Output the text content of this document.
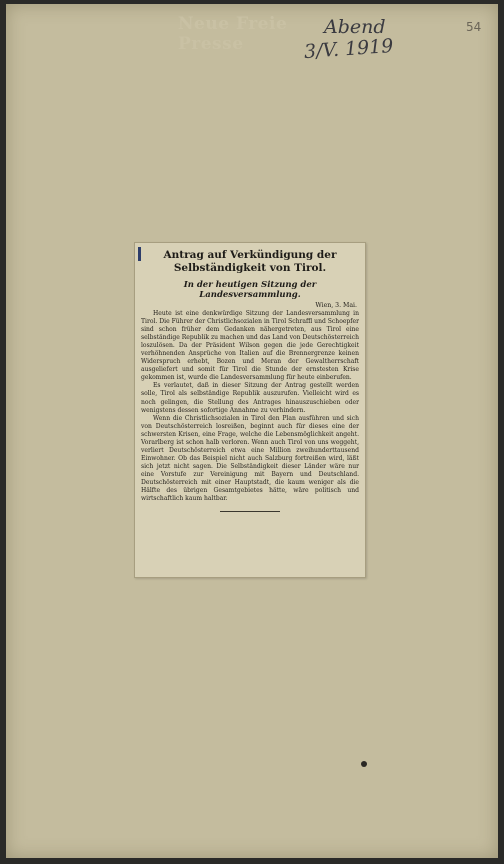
Neue Freie Presse
Abend
3/V. 1919
54

Antrag auf Verkündigung der Selbständigkeit von Tirol.

In der heutigen Sitzung der Landesversammlung.

Wien, 3. Mai.

Heute ist eine denkwürdige Sitzung der Landesversammlung in Tirol. Die Führer der Christlichsozialen in Tirol Schraffl und Schoepfer sind schon früher dem Gedanken nähergetreten, aus Tirol eine selbständige Republik zu machen und das Land von Deutschösterreich loszulösen. Da der Präsident Wilson gegen die jede Gerechtigkeit verhöhnenden Ansprüche von Italien auf die Brennergrenze keinen Widerspruch erhebt, Bozen und Meran der Gewaltherrschaft ausgeliefert und somit für Tirol die Stunde der ernstesten Krise gekommen ist, wurde die Landesversammlung für heute einberufen.

Es verlautet, daß in dieser Sitzung der Antrag gestellt werden solle, Tirol als selbständige Republik auszurufen. Vielleicht wird es noch gelingen, die Stellung des Antrages hinauszuschieben oder wenigstens dessen sofortige Annahme zu verhindern.

Wenn die Christlichsozialen in Tirol den Plan ausführen und sich von Deutschösterreich losreißen, beginnt auch für dieses eine der schwersten Krisen, eine Frage, welche die Lebensmöglichkeit angeht. Vorarlberg ist schon halb verloren. Wenn auch Tirol von uns weggeht, verliert Deutschösterreich etwa eine Million zweihunderttausend Einwohner. Ob das Beispiel nicht auch Salzburg fortreißen wird, läßt sich jetzt nicht sagen. Die Selbständigkeit dieser Länder wäre nur eine Vorstufe zur Vereinigung mit Bayern und Deutschland. Deutschösterreich mit einer Hauptstadt, die kaum weniger als die Hälfte des übrigen Gesamtgebietes hätte, wäre politisch und wirtschaftlich kaum haltbar.
